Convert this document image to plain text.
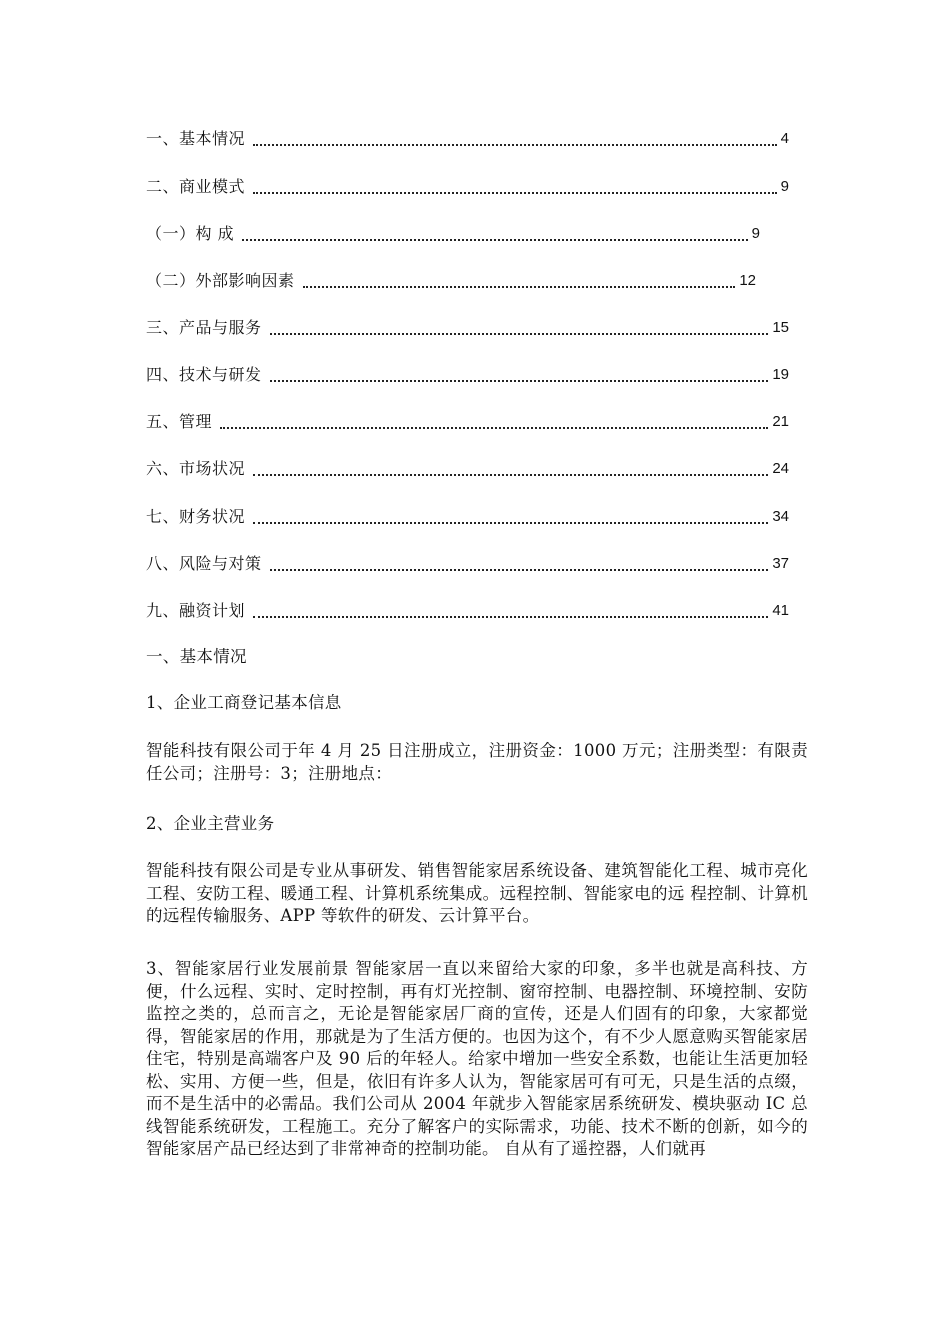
一、基本情况	4
二、商业模式	9
（一）构 成	9
（二）外部影响因素	12
三、产品与服务	15
四、技术与研发	19
五、管理	21
六、市场状况	24
七、财务状况	34
八、风险与对策	37
九、融资计划	41
一、基本情况
1、企业工商登记基本信息
智能科技有限公司于年 4 月 25 日注册成立，注册资金：1000 万元；注册类型：有限责任公司；注册号：3；注册地点：
2、企业主营业务
智能科技有限公司是专业从事研发、销售智能家居系统设备、建筑智能化工程、城市亮化工程、安防工程、暖通工程、计算机系统集成。远程控制、智能家电的远 程控制、计算机的远程传输服务、APP 等软件的研发、云计算平台。
3、智能家居行业发展前景 智能家居一直以来留给大家的印象，多半也就是高科技、方便，什么远程、实时、定时控制，再有灯光控制、窗帘控制、电器控制、环境控制、安防监控之类的，总而言之，无论是智能家居厂商的宣传，还是人们固有的印象，大家都觉得，智能家居的作用，那就是为了生活方便的。也因为这个，有不少人愿意购买智能家居住宅，特别是高端客户及 90 后的年轻人。给家中增加一些安全系数，也能让生活更加轻松、实用、方便一些，但是，依旧有许多人认为，智能家居可有可无，只是生活的点缀，而不是生活中的必需品。我们公司从 2004 年就步入智能家居系统研发、模块驱动 IC 总线智能系统研发，工程施工。充分了解客户的实际需求，功能、技术不断的创新，如今的智能家居产品已经达到了非常神奇的控制功能。 自从有了遥控器，人们就再
